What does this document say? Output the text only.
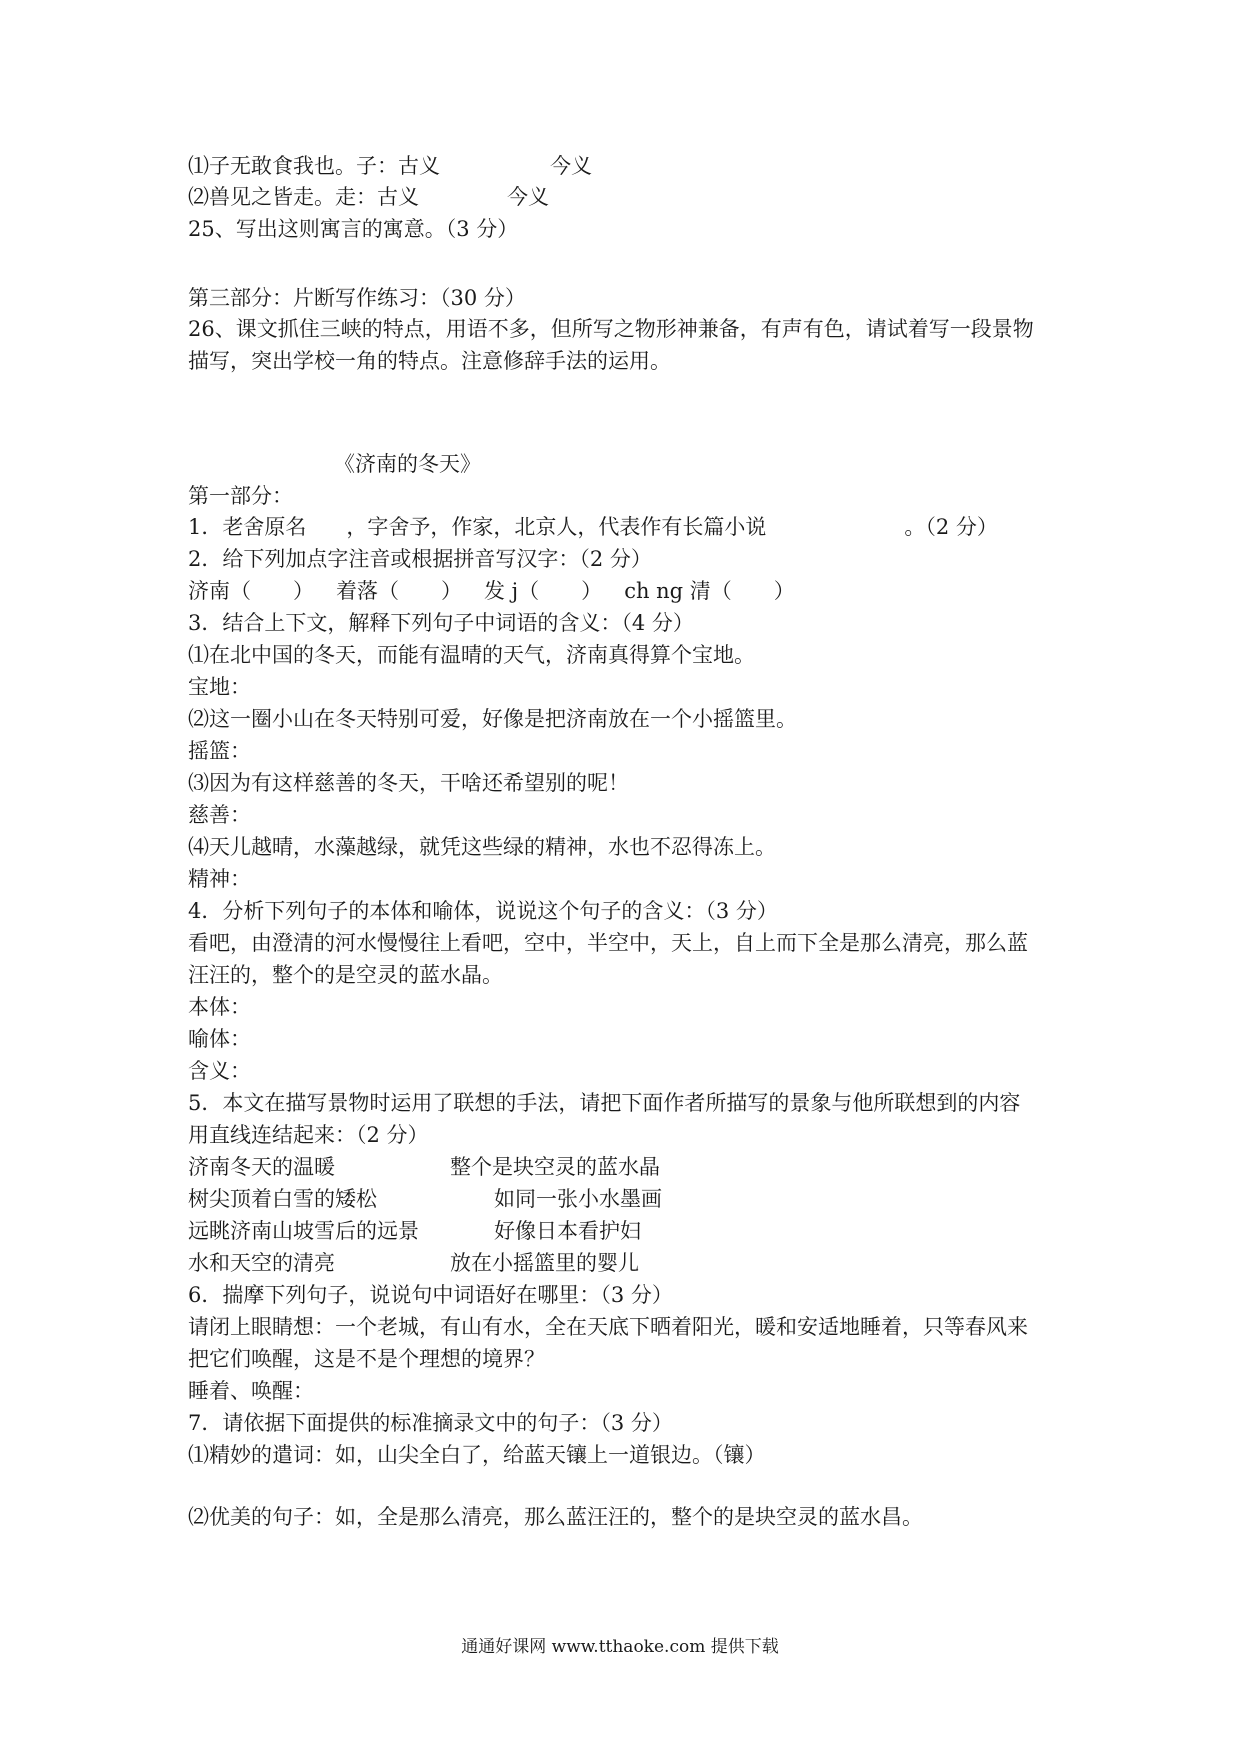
⑴子无敢食我也。子：古义	今义
⑵兽见之皆走。走：古义	今义
25、写出这则寓言的寓意。（3 分）
第三部分：片断写作练习：（30 分）
26、课文抓住三峡的特点，用语不多，但所写之物形神兼备，有声有色，请试着写一段景物
描写，突出学校一角的特点。注意修辞手法的运用。
《济南的冬天》
第一部分：
1．老舍原名 ，字舍予，作家，北京人，代表作有长篇小说	。（2 分）
2．给下列加点字注音或根据拼音写汉字：（2 分）
济南（　　） 着落（　　） 发 j（　　） ch ng 清（　　）
3．结合上下文，解释下列句子中词语的含义：（4 分）
⑴在北中国的冬天，而能有温晴的天气，济南真得算个宝地。
宝地：
⑵这一圈小山在冬天特别可爱，好像是把济南放在一个小摇篮里。
摇篮：
⑶因为有这样慈善的冬天，干啥还希望别的呢！
慈善：
⑷天儿越晴，水藻越绿，就凭这些绿的精神，水也不忍得冻上。
精神：
4．分析下列句子的本体和喻体，说说这个句子的含义：（3 分）
看吧，由澄清的河水慢慢往上看吧，空中，半空中，天上，自上而下全是那么清亮，那么蓝
汪汪的，整个的是空灵的蓝水晶。
本体：
喻体：
含义：
5．本文在描写景物时运用了联想的手法，请把下面作者所描写的景象与他所联想到的内容
用直线连结起来：（2 分）
济南冬天的温暖	整个是块空灵的蓝水晶
树尖顶着白雪的矮松	如同一张小水墨画
远眺济南山坡雪后的远景	好像日本看护妇
水和天空的清亮	放在小摇篮里的婴儿
6．揣摩下列句子，说说句中词语好在哪里：（3 分）
请闭上眼睛想：一个老城，有山有水，全在天底下晒着阳光，暖和安适地睡着，只等春风来
把它们唤醒，这是不是个理想的境界？
睡着、唤醒：
7．请依据下面提供的标准摘录文中的句子：（3 分）
⑴精妙的遣词：如，山尖全白了，给蓝天镶上一道银边。（镶）
⑵优美的句子：如，全是那么清亮，那么蓝汪汪的，整个的是块空灵的蓝水昌。
通通好课网 www.tthaoke.com 提供下载
